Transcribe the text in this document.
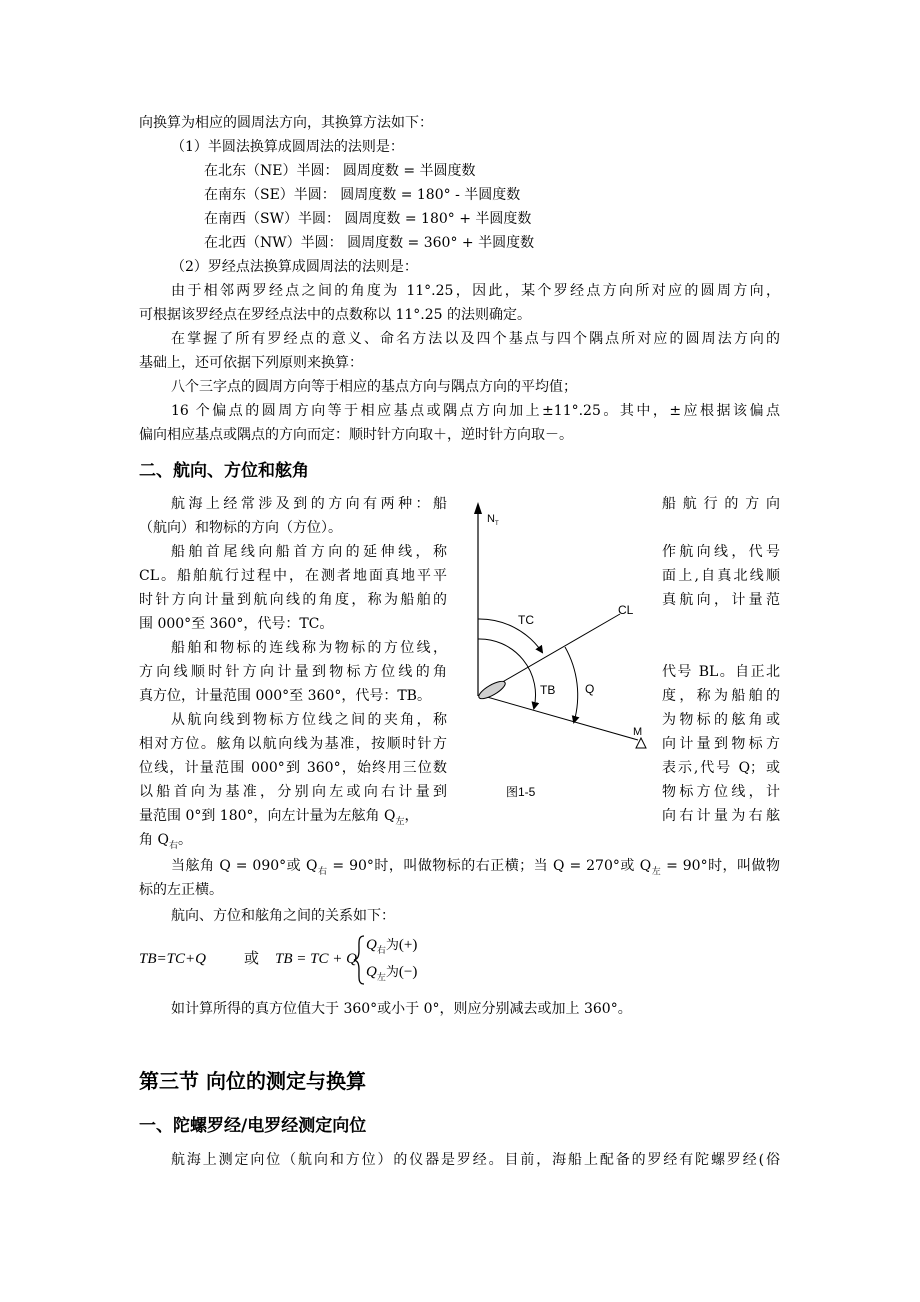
向换算为相应的圆周法方向，其换算方法如下：
（1）半圆法换算成圆周法的法则是：
在北东（NE）半圆： 圆周度数 = 半圆度数
在南东（SE）半圆： 圆周度数 = 180° - 半圆度数
在南西（SW）半圆： 圆周度数 = 180° + 半圆度数
在北西（NW）半圆： 圆周度数 = 360° + 半圆度数
（2）罗经点法换算成圆周法的法则是：
由于相邻两罗经点之间的角度为 11°.25，因此，某个罗经点方向所对应的圆周方向，
可根据该罗经点在罗经点法中的点数称以 11°.25 的法则确定。
在掌握了所有罗经点的意义、命名方法以及四个基点与四个隅点所对应的圆周法方向的
基础上，还可依据下列原则来换算：
八个三字点的圆周方向等于相应的基点方向与隅点方向的平均值；
16 个偏点的圆周方向等于相应基点或隅点方向加上±11°.25。其中，±应根据该偏点
偏向相应基点或隅点的方向而定：顺时针方向取＋，逆时针方向取－。
二、航向、方位和舷角
航海上经常涉及到的方向有两种：船
（航向）和物标的方向（方位）。
船舶首尾线向船首方向的延伸线，称
CL。船舶航行过程中，在测者地面真地平平
时针方向计量到航向线的角度，称为船舶的
围 000°至 360°，代号：TC。
船舶和物标的连线称为物标的方位线，
方向线顺时针方向计量到物标方位线的角
真方位，计量范围 000°至 360°，代号：TB。
从航向线到物标方位线之间的夹角，称
相对方位。舷角以航向线为基准，按顺时针方
位线，计量范围 000°到 360°，始终用三位数
以船首向为基准，分别向左或向右计量到
量范围 0°到 180°，向左计量为左舷角 $Q_左$，
角 $Q_右$。
船航行的方向
作航向线，代号
面上,自真北线顺
真航向，计量范
代号 BL。自正北
度，称为船舶的
为物标的舷角或
向计量到物标方
表示,代号 Q；或
物标方位线，计
向右计量为右舷
$N_T$
CL
M
TC
TB Q
图1-5
当舷角 Q = 090°或 $Q_右 = 90^\circ$时，叫做物标的右正横；当 Q = 270°或 $Q_左 = 90^\circ$时，叫做物
标的左正横。
航向、方位和舷角之间的关系如下：
TB=TC+Q	或 TB = TC + Q
$Q_右$为(+)
$Q_左$为(−)
如计算所得的真方位值大于 360°或小于 0°，则应分别减去或加上 360°。
第三节 向位的测定与换算
一、陀螺罗经/电罗经测定向位
航海上测定向位（航向和方位）的仪器是罗经。目前，海船上配备的罗经有陀螺罗经(俗
